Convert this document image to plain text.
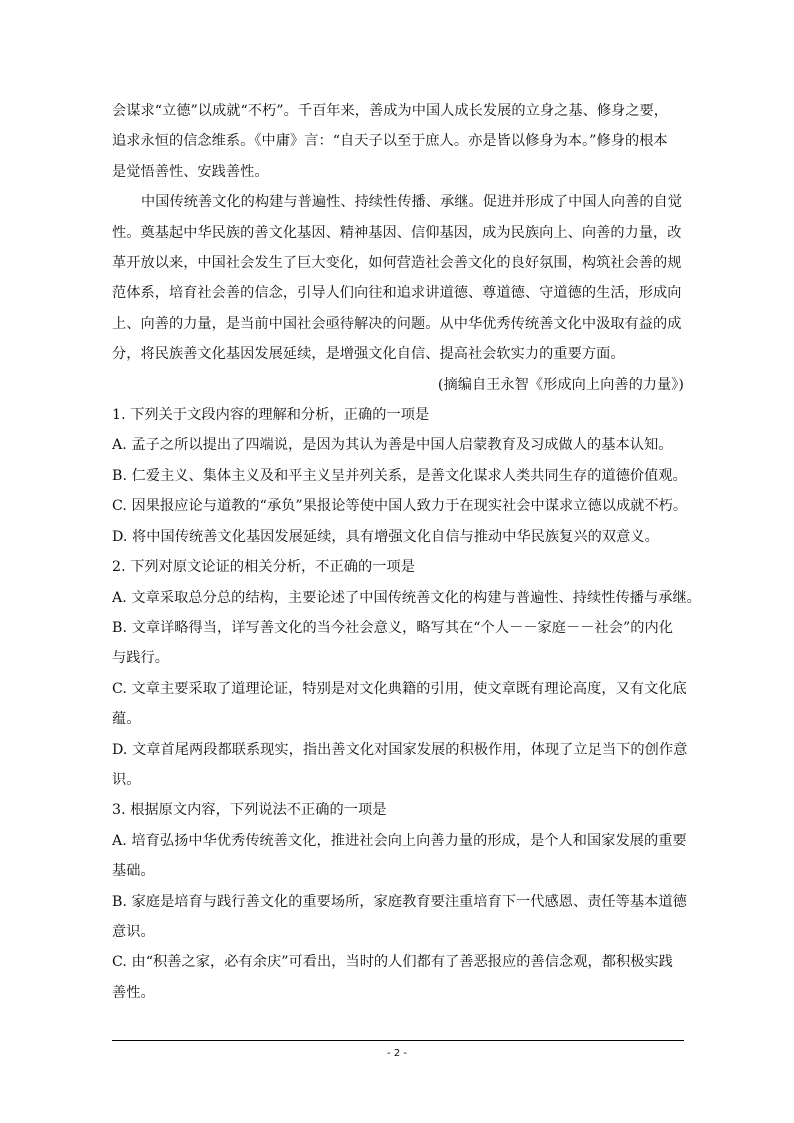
会谋求“立德”以成就“不朽”。千百年来，善成为中国人成长发展的立身之基、修身之要，
追求永恒的信念维系。《中庸》言：“自天子以至于庶人。亦是皆以修身为本。”修身的根本
是觉悟善性、安践善性。
中国传统善文化的构建与普遍性、持续性传播、承继。促进并形成了中国人向善的自觉
性。奠基起中华民族的善文化基因、精神基因、信仰基因，成为民族向上、向善的力量，改
革开放以来，中国社会发生了巨大变化，如何营造社会善文化的良好氛围，构筑社会善的规
范体系，培育社会善的信念，引导人们向往和追求讲道德、尊道德、守道德的生活，形成向
上、向善的力量，是当前中国社会亟待解决的问题。从中华优秀传统善文化中汲取有益的成
分，将民族善文化基因发展延续，是增强文化自信、提高社会软实力的重要方面。
(摘编自王永智《形成向上向善的力量》)
1. 下列关于文段内容的理解和分析，正确的一项是
A. 孟子之所以提出了四端说，是因为其认为善是中国人启蒙教育及习成做人的基本认知。
B. 仁爱主义、集体主义及和平主义呈并列关系，是善文化谋求人类共同生存的道德价值观。
C. 因果报应论与道教的“承负”果报论等使中国人致力于在现实社会中谋求立德以成就不朽。
D. 将中国传统善文化基因发展延续，具有增强文化自信与推动中华民族复兴的双意义。
2. 下列对原文论证的相关分析，不正确的一项是
A. 文章采取总分总的结构，主要论述了中国传统善文化的构建与普遍性、持续性传播与承继。
B. 文章详略得当，详写善文化的当今社会意义，略写其在“个人－－家庭－－社会”的内化
与践行。
C. 文章主要采取了道理论证，特别是对文化典籍的引用，使文章既有理论高度，又有文化底
蕴。
D. 文章首尾两段都联系现实，指出善文化对国家发展的积极作用，体现了立足当下的创作意
识。
3. 根据原文内容，下列说法不正确的一项是
A. 培育弘扬中华优秀传统善文化，推进社会向上向善力量的形成，是个人和国家发展的重要
基础。
B. 家庭是培育与践行善文化的重要场所，家庭教育要注重培育下一代感恩、责任等基本道德
意识。
C. 由“积善之家，必有余庆”可看出，当时的人们都有了善恶报应的善信念观，都积极实践
善性。
- 2 -
